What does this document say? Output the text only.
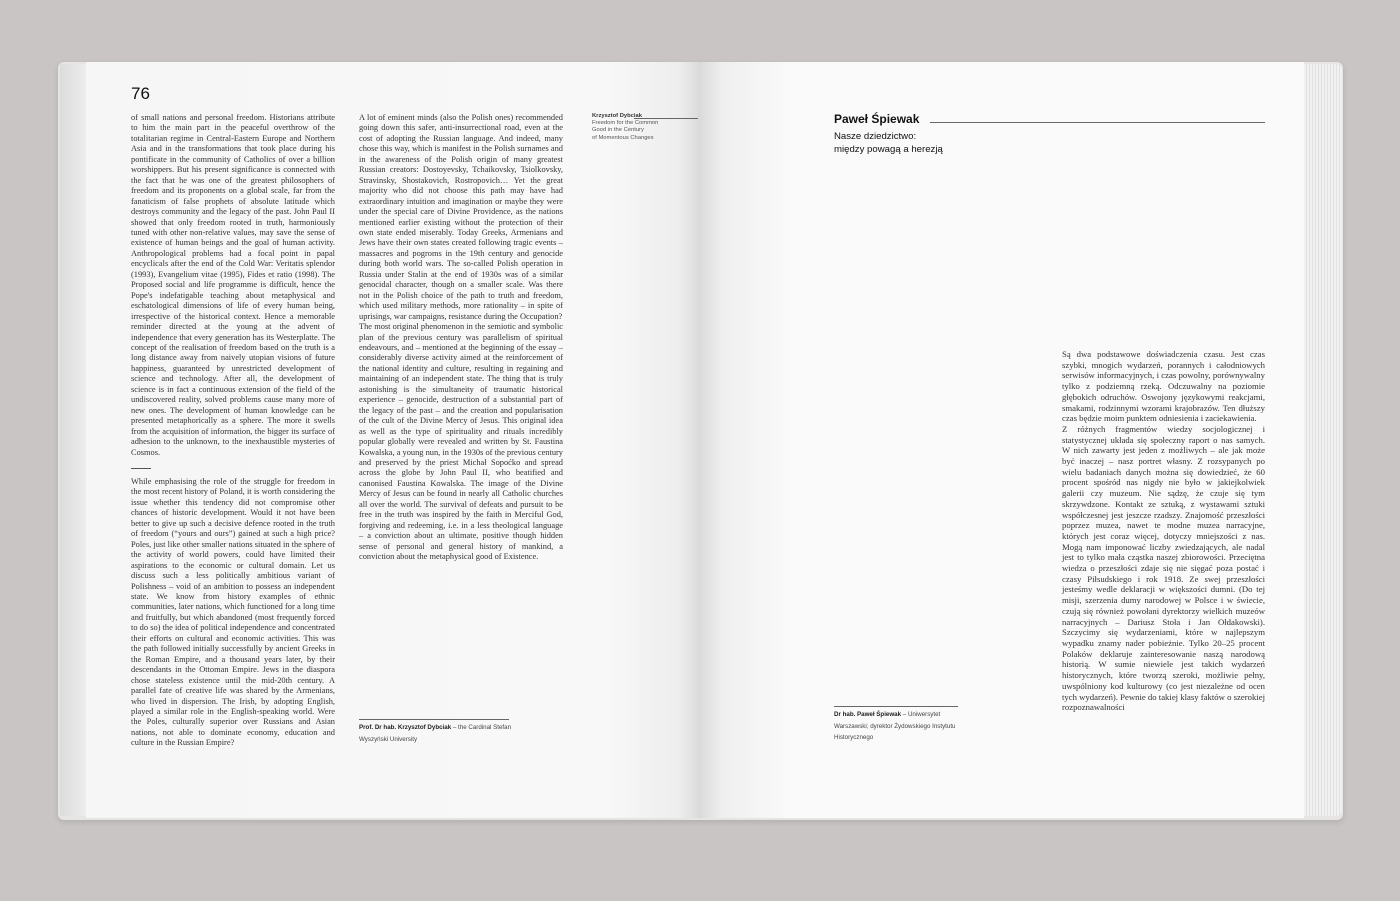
76

of small nations and personal freedom. Historians attribute to him the main part in the peaceful overthrow of the totalitarian regime in Central-Eastern Europe and Northern Asia and in the transformations that took place during his pontificate in the community of Catholics of over a billion worshippers. But his present significance is connected with the fact that he was one of the greatest philosophers of freedom and its proponents on a global scale, far from the fanaticism of false prophets of absolute latitude which destroys community and the legacy of the past. John Paul II showed that only freedom rooted in truth, harmoniously tuned with other non-relative values, may save the sense of existence of human beings and the goal of human activity. Anthropological problems had a focal point in papal encyclicals after the end of the Cold War: Veritatis splendor (1993), Evangelium vitae (1995), Fides et ratio (1998). The Proposed social and life programme is difficult, hence the Pope's indefatigable teaching about metaphysical and eschatological dimensions of life of every human being, irrespective of the historical context. Hence a memorable reminder directed at the young at the advent of independence that every generation has its Westerplatte. The concept of the realisation of freedom based on the truth is a long distance away from naively utopian visions of future happiness, guaranteed by unrestricted development of science and technology. After all, the development of science is in fact a continuous extension of the field of the undiscovered reality, solved problems cause many more of new ones. The development of human knowledge can be presented metaphorically as a sphere. The more it swells from the acquisition of information, the bigger its surface of adhesion to the unknown, to the inexhaustible mysteries of Cosmos.

While emphasising the role of the struggle for freedom in the most recent history of Poland, it is worth considering the issue whether this tendency did not compromise other chances of historic development. Would it not have been better to give up such a decisive defence rooted in the truth of freedom (“yours and ours”) gained at such a high price? Poles, just like other smaller nations situated in the sphere of the activity of world powers, could have limited their aspirations to the economic or cultural domain. Let us discuss such a less politically ambitious variant of Polishness – void of an ambition to possess an independent state. We know from history examples of ethnic communities, later nations, which functioned for a long time and fruitfully, but which abandoned (most frequently forced to do so) the idea of political independence and concentrated their efforts on cultural and economic activities. This was the path followed initially successfully by ancient Greeks in the Roman Empire, and a thousand years later, by their descendants in the Ottoman Empire. Jews in the diaspora chose stateless existence until the mid-20th century. A parallel fate of creative life was shared by the Armenians, who lived in dispersion. The Irish, by adopting English, played a similar role in the English-speaking world. Were the Poles, culturally superior over Russians and Asian nations, not able to dominate economy, education and culture in the Russian Empire?

A lot of eminent minds (also the Polish ones) recommended going down this safer, anti-insurrectional road, even at the cost of adopting the Russian language. And indeed, many chose this way, which is manifest in the Polish surnames and in the awareness of the Polish origin of many greatest Russian creators: Dostoyevsky, Tchaikovsky, Tsiolkovsky, Stravinsky, Shostakovich, Rostropovich… Yet the great majority who did not choose this path may have had extraordinary intuition and imagination or maybe they were under the special care of Divine Providence, as the nations mentioned earlier existing without the protection of their own state ended miserably. Today Greeks, Armenians and Jews have their own states created following tragic events – massacres and pogroms in the 19th century and genocide during both world wars. The so-called Polish operation in Russia under Stalin at the end of 1930s was of a similar genocidal character, though on a smaller scale. Was there not in the Polish choice of the path to truth and freedom, which used military methods, more rationality – in spite of uprisings, war campaigns, resistance during the Occupation?

The most original phenomenon in the semiotic and symbolic plan of the previous century was parallelism of spiritual endeavours, and – mentioned at the beginning of the essay – considerably diverse activity aimed at the reinforcement of the national identity and culture, resulting in regaining and maintaining of an independent state. The thing that is truly astonishing is the simultaneity of traumatic historical experience – genocide, destruction of a substantial part of the legacy of the past – and the creation and popularisation of the cult of the Divine Mercy of Jesus. This original idea as well as the type of spirituality and rituals incredibly popular globally were revealed and written by St. Faustina Kowalska, a young nun, in the 1930s of the previous century and preserved by the priest Michał Sopoćko and spread across the globe by John Paul II, who beatified and canonised Faustina Kowalska. The image of the Divine Mercy of Jesus can be found in nearly all Catholic churches all over the world. The survival of defeats and pursuit to be free in the truth was inspired by the faith in Merciful God, forgiving and redeeming, i.e. in a less theological language – a conviction about an ultimate, positive though hidden sense of personal and general history of mankind, a conviction about the metaphysical good of Existence.

Krzysztof Dybciak
Freedom for the Common
Good in the Century
of Momentous Changes
Prof. Dr hab. Krzysztof Dybciak – the Cardinal Stefan Wyszyński University
Paweł Śpiewak
Nasze dziedzictwo:
między powagą a herezją

Są dwa podstawowe doświadczenia czasu. Jest czas szybki, mnogich wydarzeń, porannych i całodniowych serwisów informacyjnych, i czas powolny, porównywalny tylko z podziemną rzeką. Odczuwalny na poziomie głębokich odruchów. Oswojony językowymi reakcjami, smakami, rodzinnymi wzorami krajobrazów. Ten dłuższy czas będzie moim punktem odniesienia i zaciekawienia.

Z różnych fragmentów wiedzy socjologicznej i statystycznej układa się społeczny raport o nas samych. W nich zawarty jest jeden z możliwych – ale jak może być inaczej – nasz portret własny. Z rozsypanych po wielu badaniach danych można się dowiedzieć, że 60 procent spośród nas nigdy nie było w jakiejkolwiek galerii czy muzeum. Nie sądzę, że czuje się tym skrzywdzone. Kontakt ze sztuką, z wystawami sztuki współczesnej jest jeszcze rzadszy. Znajomość przeszłości poprzez muzea, nawet te modne muzea narracyjne, których jest coraz więcej, dotyczy mniejszości z nas. Mogą nam imponować liczby zwiedzających, ale nadal jest to tylko mała cząstka naszej zbiorowości. Przeciętna wiedza o przeszłości zdaje się nie sięgać poza postać i czasy Piłsudskiego i rok 1918. Ze swej przeszłości jesteśmy wedle deklaracji w większości dumni. (Do tej misji, szerzenia dumy narodowej w Polsce i w świecie, czują się również powołani dyrektorzy wielkich muzeów narracyjnych – Dariusz Stoła i Jan Ołdakowski). Szczycimy się wydarzeniami, które w najlepszym wypadku znamy nader pobieżnie. Tylko 20–25 procent Polaków deklaruje zainteresowanie naszą narodową historią. W sumie niewiele jest takich wydarzeń historycznych, które tworzą szeroki, możliwie pełny, uwspólniony kod kulturowy (co jest niezależne od ocen tych wydarzeń). Pewnie do takiej klasy faktów o szerokiej rozpoznawalności

Dr hab. Paweł Śpiewak – Uniwersytet Warszawski; dyrektor Żydowskiego Instytutu Historycznego
